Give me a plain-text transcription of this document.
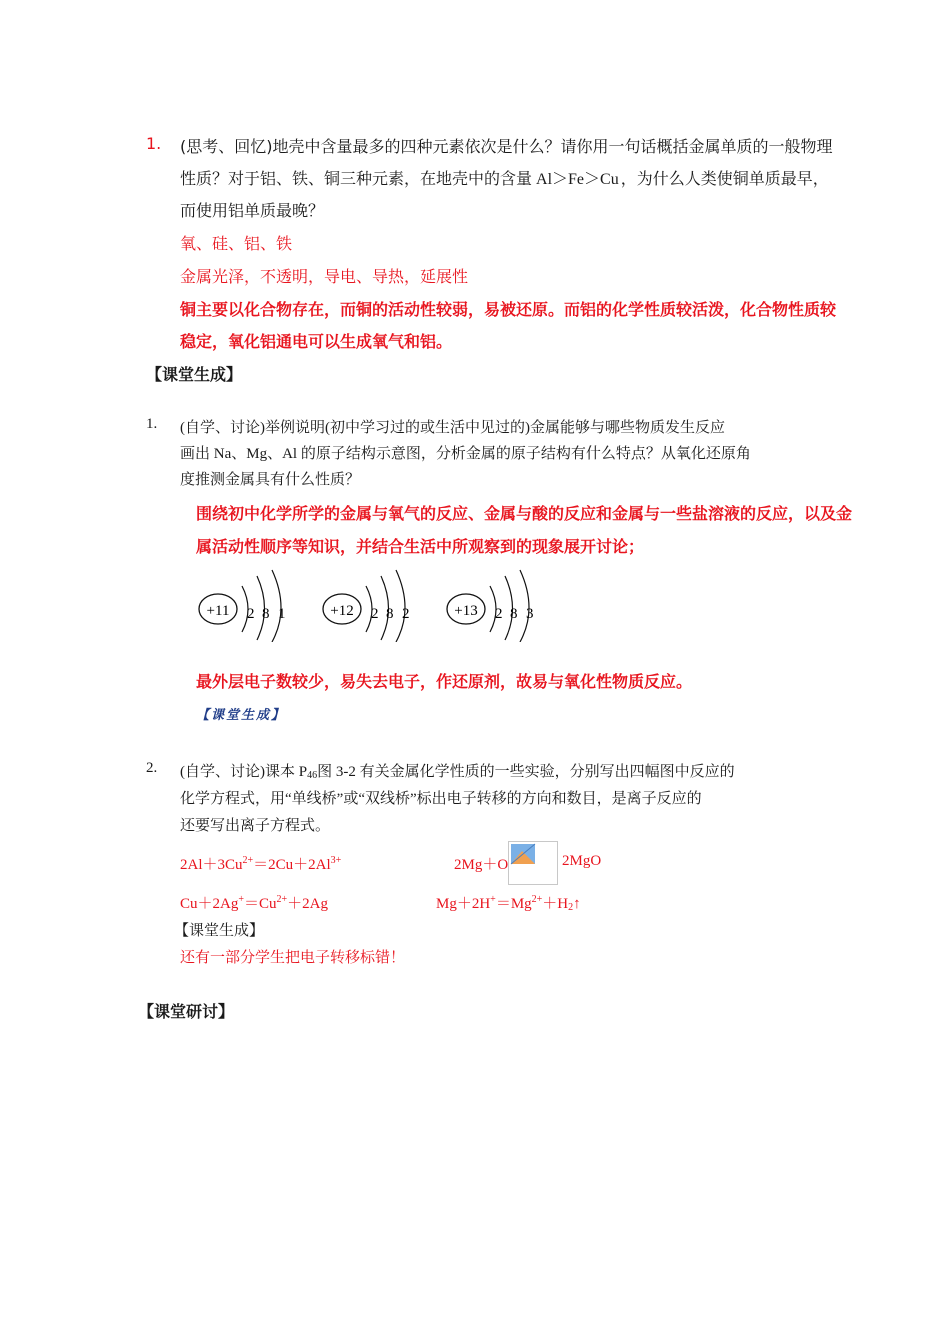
1. (思考、回忆)地壳中含量最多的四种元素依次是什么？请你用一句话概括金属单质的一般物理
性质？对于铝、铁、铜三种元素，在地壳中的含量 Al＞Fe＞Cu ，为什么人类使铜单质最早，
而使用铝单质最晚？
氧、硅、铝、铁
金属光泽，不透明，导电、导热，延展性
铜主要以化合物存在，而铜的活动性较弱，易被还原。而铝的化学性质较活泼，化合物性质较
稳定，氧化铝通电可以生成氧气和铝。
【课堂生成】
1. (自学、讨论)举例说明(初中学习过的或生活中见过的)金属能够与哪些物质发生反应
画出 Na、Mg、Al 的原子结构示意图，分析金属的原子结构有什么特点？从氧化还原角
度推测金属具有什么性质？
围绕初中化学所学的金属与氧气的反应、金属与酸的反应和金属与一些盐溶液的反应，以及金
属活动性顺序等知识，并结合生活中所观察到的现象展开讨论；
+11 2 8 1	+12 2 8 2	+13 2 8 3
最外层电子数较少，易失去电子，作还原剂，故易与氧化性物质反应。
【课堂生成】
2. (自学、讨论)课本 $P_{46}$图 3-2 有关金属化学性质的一些实验，分别写出四幅图中反应的
化学方程式，用“单线桥”或“双线桥”标出电子转移的方向和数目，是离子反应的
还要写出离子方程式。
$2Al+3Cu^{2+}=2Cu+2Al^{3+}$	2Mg＋O	2MgO
$Cu+2Ag^+=Cu^{2+}+2Ag$	$Mg+2H^+=Mg^{2+}+H_2↑$
【课堂生成】
还有一部分学生把电子转移标错！
【课堂研讨】
